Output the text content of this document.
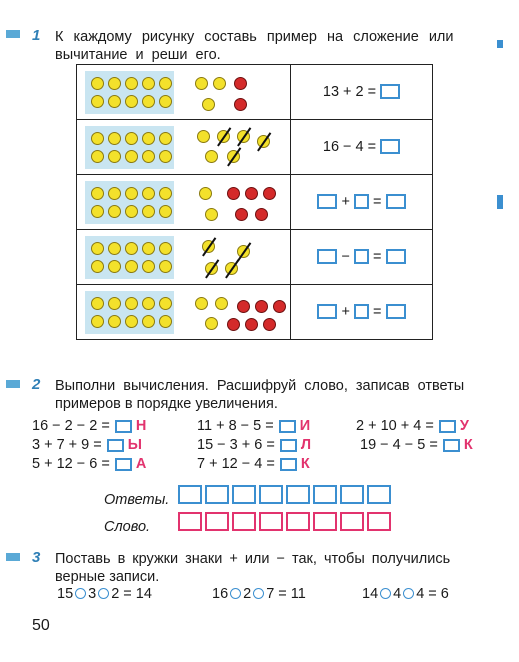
1 К каждому рисунку составь пример на сложение или
вычитание и реши его.
	13 + 2 =

	16 − 4 =

	+ =

	− =

	+ =
2 Выполни вычисления. Расшифруй слово, записав ответы
примеров в порядке увеличения.
16 − 2 − 2 = Н	11 + 8 − 5 = И	2 + 10 + 4 = У
3 + 7 + 9 = Ы	15 − 3 + 6 = Л	19 − 4 − 5 = К
5 + 12 − 6 = А	7 + 12 − 4 = К
Ответы.
Слово.
3 Поставь в кружки знаки + или − так, чтобы получились
верные записи.
15 3 2 = 14	16 2 7 = 11	14 4 4 = 6
50
